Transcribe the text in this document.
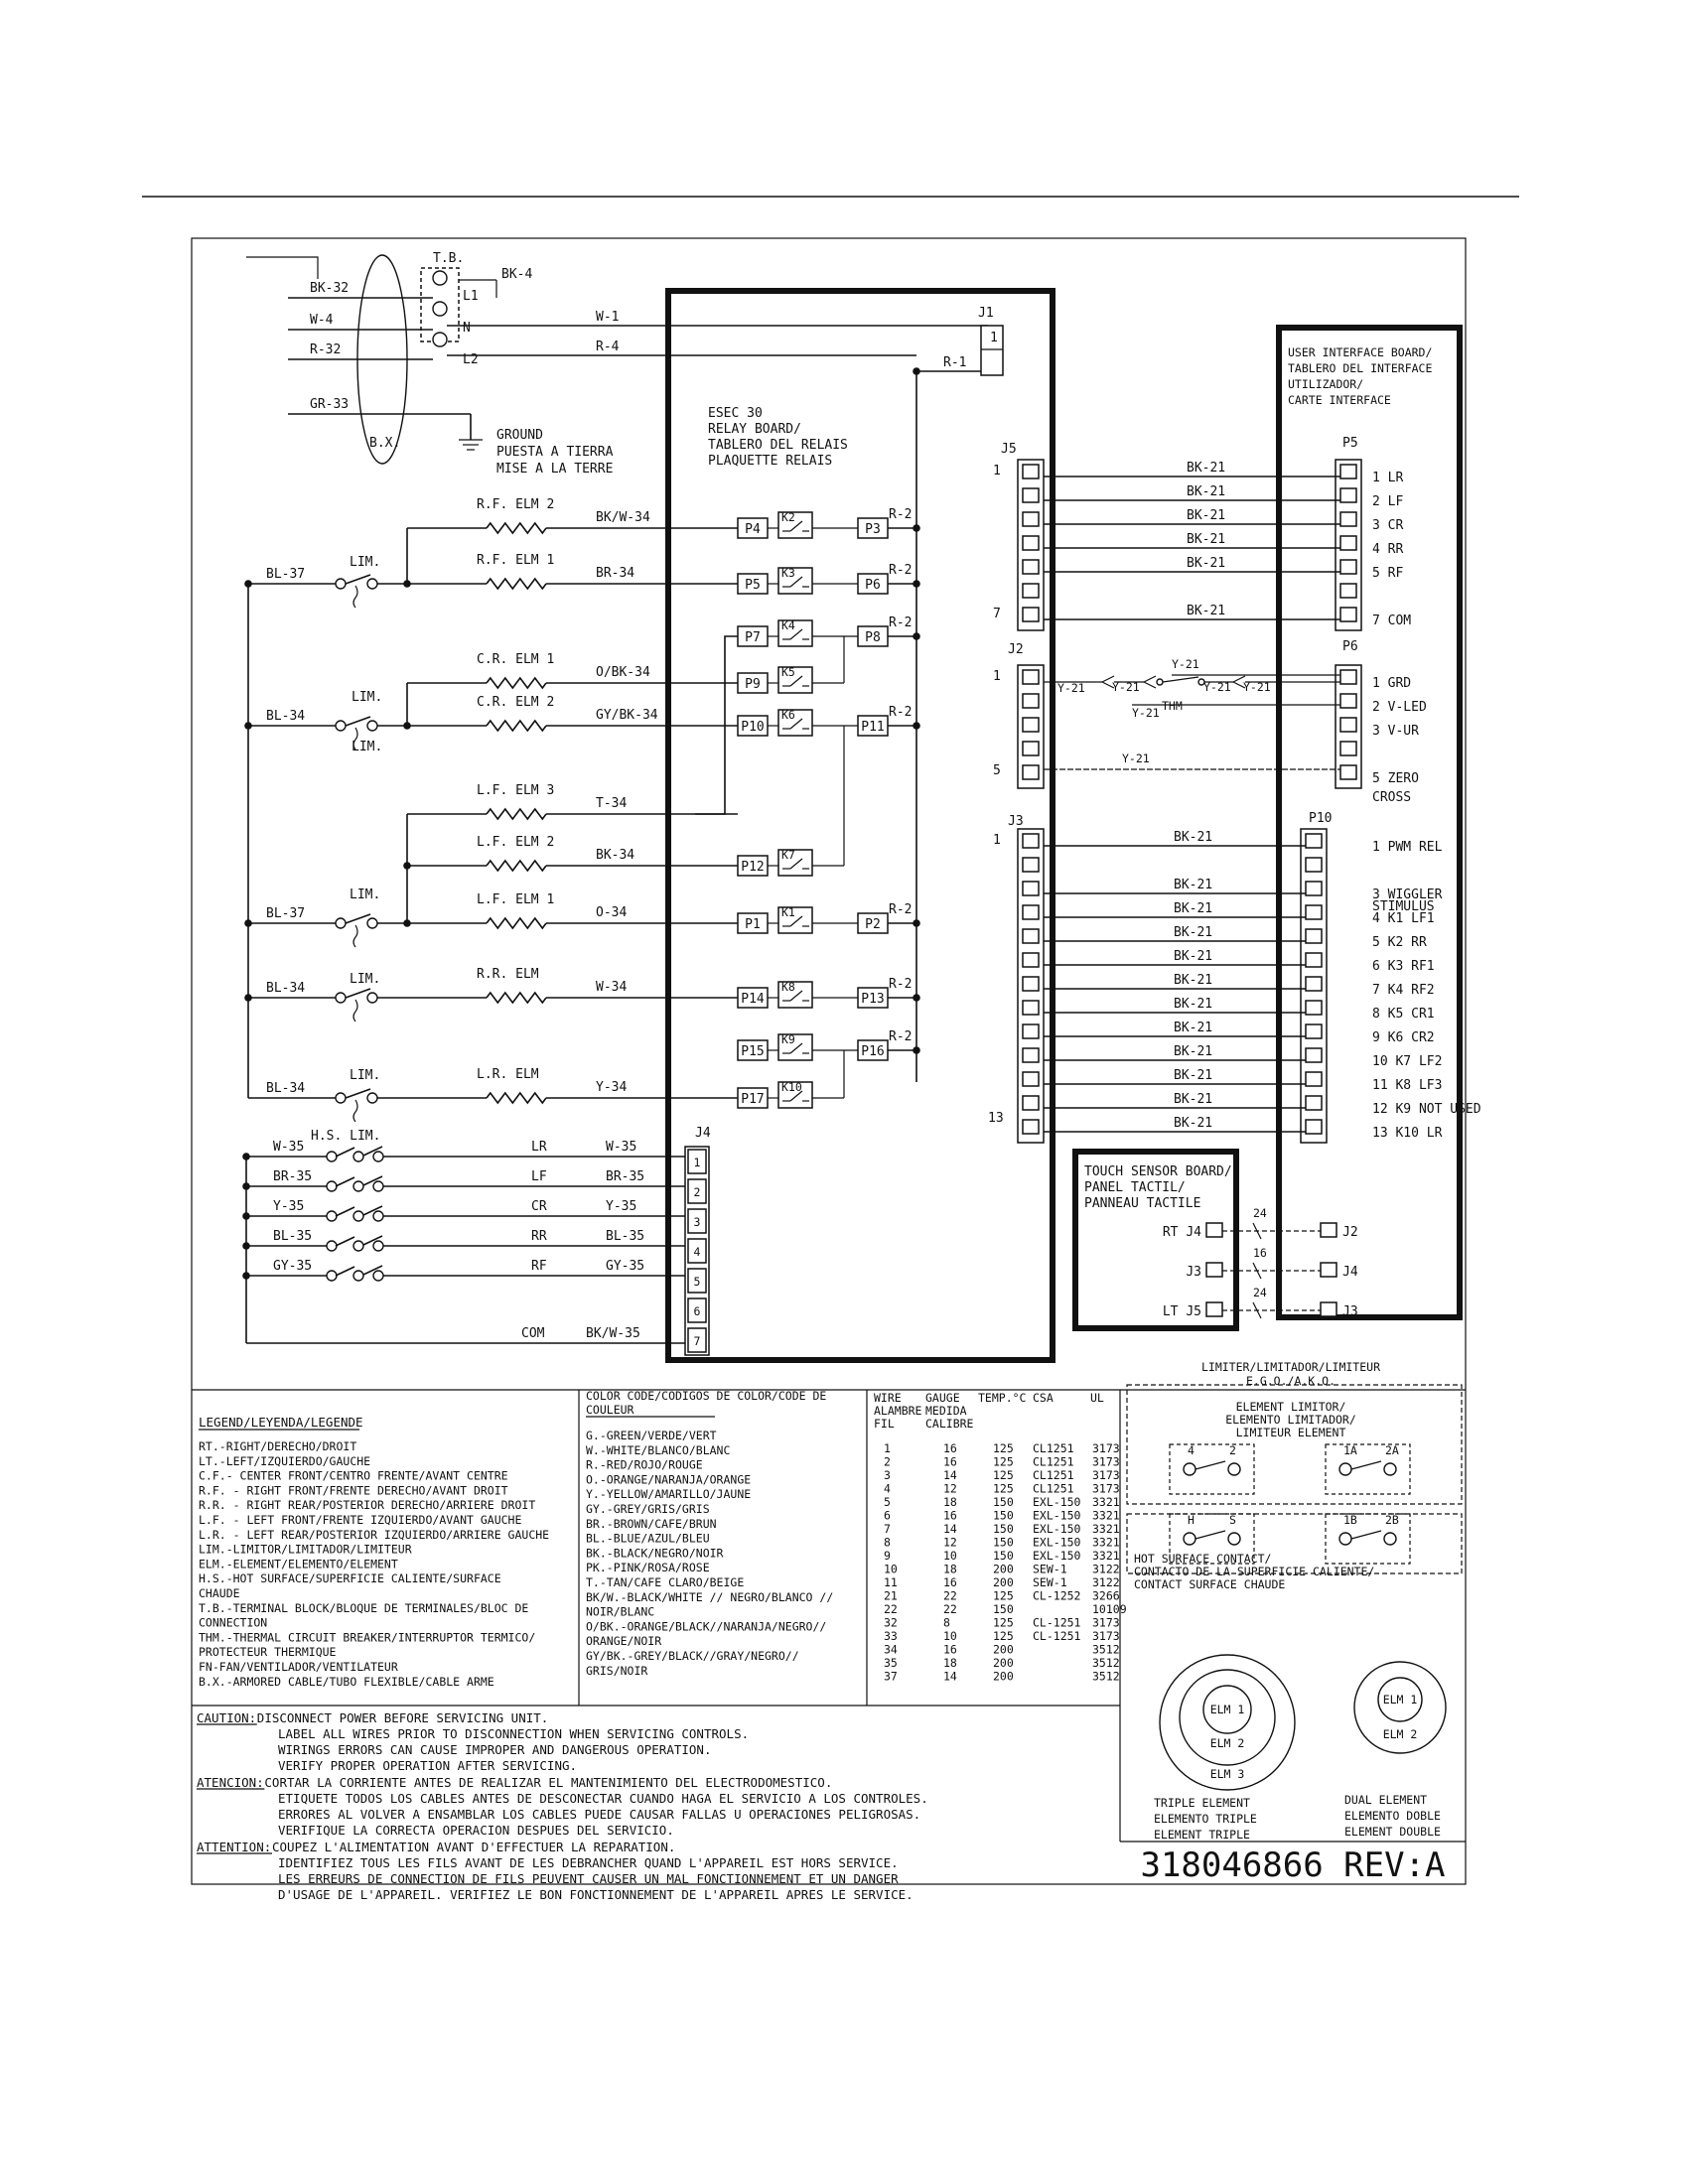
T.B.
BK-4
L1
N
L2
B.X.
BK-32
W-4
R-32
GR-33
GROUND
PUESTA A TIERRA
MISE A LA TERRE
W-1
R-4
R-1
J1
1
ESEC 30
RELAY BOARD/
TABLERO DEL RELAIS
PLAQUETTE RELAIS
P4
K2
P3
R-2
P5
K3
P6
R-2
P7
K4
P8
R-2
P9
K5
P10
K6
P11
R-2
P12
K7
P1
K1
P2
R-2
P14
K8
P13
R-2
P15
K9
P16
R-2
P17
K10
R.F. ELM 2
BK/W-34
R.F. ELM 1
BR-34
BL-37
LIM.
C.R. ELM 1
O/BK-34
C.R. ELM 2
GY/BK-34
BL-34
LIM.
LIM.
L.F. ELM 3
T-34
L.F. ELM 2
BK-34
L.F. ELM 1
O-34
BL-37
LIM.
R.R. ELM
W-34
BL-34
LIM.
L.R. ELM
Y-34
BL-34
LIM.
H.S. LIM.
W-35	LR	W-35
BR-35	LF	BR-35
Y-35	CR	Y-35
BL-35	RR	BL-35
GY-35	RF	GY-35
COM	BK/W-35
J4
1
2
3
4
5
6
7
J5
1
7
J2
1
5
J3
1
13
USER INTERFACE BOARD/
TABLERO DEL INTERFACE
UTILIZADOR/
CARTE INTERFACE
P5
1 LR
BK-21
2 LF
BK-21
3 CR
BK-21
4 RR
BK-21
5 RF
BK-21
7 COM
BK-21
P6
1 GRD
2 V-LED
3 V-UR
5 ZERO
CROSS
Y-21 Y-21
THM
Y-21 Y-21
Y-21
Y-21
Y-21
P10
1 PWM REL
BK-21
3 WIGGLER
BK-21
4 K1 LF1
BK-21
5 K2 RR
BK-21
6 K3 RF1
BK-21
7 K4 RF2
BK-21
8 K5 CR1
BK-21
9 K6 CR2
BK-21
10 K7 LF2
BK-21
11 K8 LF3
BK-21
12 K9 NOT USED
BK-21
13 K10 LR
BK-21
STIMULUS
TOUCH SENSOR BOARD/
PANEL TACTIL/
PANNEAU TACTILE
RT J4
24
J2
J3
16
J4
LT J5
24
J3
LEGEND/LEYENDA/LEGENDE
RT.-RIGHT/DERECHO/DROIT
LT.-LEFT/IZQUIERDO/GAUCHE
C.F.- CENTER FRONT/CENTRO FRENTE/AVANT CENTRE
R.F. - RIGHT FRONT/FRENTE DERECHO/AVANT DROIT
R.R. - RIGHT REAR/POSTERIOR DERECHO/ARRIERE DROIT
L.F. - LEFT FRONT/FRENTE IZQUIERDO/AVANT GAUCHE
L.R. - LEFT REAR/POSTERIOR IZQUIERDO/ARRIERE GAUCHE
LIM.-LIMITOR/LIMITADOR/LIMITEUR
ELM.-ELEMENT/ELEMENTO/ELEMENT
H.S.-HOT SURFACE/SUPERFICIE CALIENTE/SURFACE
CHAUDE
T.B.-TERMINAL BLOCK/BLOQUE DE TERMINALES/BLOC DE
CONNECTION
THM.-THERMAL CIRCUIT BREAKER/INTERRUPTOR TERMICO/
PROTECTEUR THERMIQUE
FN-FAN/VENTILADOR/VENTILATEUR
B.X.-ARMORED CABLE/TUBO FLEXIBLE/CABLE ARME
COLOR CODE/CODIGOS DE COLOR/CODE DE
COULEUR
G.-GREEN/VERDE/VERT
W.-WHITE/BLANCO/BLANC
R.-RED/ROJO/ROUGE
O.-ORANGE/NARANJA/ORANGE
Y.-YELLOW/AMARILLO/JAUNE
GY.-GREY/GRIS/GRIS
BR.-BROWN/CAFE/BRUN
BL.-BLUE/AZUL/BLEU
BK.-BLACK/NEGRO/NOIR
PK.-PINK/ROSA/ROSE
T.-TAN/CAFE CLARO/BEIGE
BK/W.-BLACK/WHITE // NEGRO/BLANCO //
NOIR/BLANC
O/BK.-ORANGE/BLACK//NARANJA/NEGRO//
ORANGE/NOIR
GY/BK.-GREY/BLACK//GRAY/NEGRO//
GRIS/NOIR
WIRE
ALAMBRE
FIL
GAUGE
MEDIDA
CALIBRE
TEMP.°C CSA	UL
1	16	125 CL1251 3173
2	16	125 CL1251 3173
3	14	125 CL1251 3173
4	12	125 CL1251 3173
5	18	150 EXL-150 3321
6	16	150 EXL-150 3321
7	14	150 EXL-150 3321
8	12	150 EXL-150 3321
9	10	150 EXL-150 3321
10	18	200 SEW-1 3122
11	16	200 SEW-1 3122
21	22	125 CL-1252 3266
22	22	150	10109
32	8	125 CL-1251 3173
33	10	125 CL-1251 3173
34	16	200	3512
35	18	200	3512
37	14	200	3512
LIMITER/LIMITADOR/LIMITEUR
E.G.O./A.K.O.
ELEMENT LIMITOR/
ELEMENTO LIMITADOR/
LIMITEUR ELEMENT
4	2	1A 2A
H	S	1B 2B
HOT SURFACE CONTACT/
CONTACTO DE LA SUPERFICIE CALIENTE/
CONTACT SURFACE CHAUDE
ELM 1
ELM 2
ELM 3
TRIPLE ELEMENT
ELEMENTO TRIPLE
ELEMENT TRIPLE
ELM 1
ELM 2
DUAL ELEMENT
ELEMENTO DOBLE
ELEMENT DOUBLE
CAUTION: DISCONNECT POWER BEFORE SERVICING UNIT.
LABEL ALL WIRES PRIOR TO DISCONNECTION WHEN SERVICING CONTROLS.
WIRINGS ERRORS CAN CAUSE IMPROPER AND DANGEROUS OPERATION.
VERIFY PROPER OPERATION AFTER SERVICING.
ATENCION: CORTAR LA CORRIENTE ANTES DE REALIZAR EL MANTENIMIENTO DEL ELECTRODOMESTICO.
ETIQUETE TODOS LOS CABLES ANTES DE DESCONECTAR CUANDO HAGA EL SERVICIO A LOS CONTROLES.
ERRORES AL VOLVER A ENSAMBLAR LOS CABLES PUEDE CAUSAR FALLAS U OPERACIONES PELIGROSAS.
VERIFIQUE LA CORRECTA OPERACION DESPUES DEL SERVICIO.
ATTENTION: COUPEZ L'ALIMENTATION AVANT D'EFFECTUER LA REPARATION.
IDENTIFIEZ TOUS LES FILS AVANT DE LES DEBRANCHER QUAND L'APPAREIL EST HORS SERVICE.
LES ERREURS DE CONNECTION DE FILS PEUVENT CAUSER UN MAL FONCTIONNEMENT ET UN DANGER
D'USAGE DE L'APPAREIL. VERIFIEZ LE BON FONCTIONNEMENT DE L'APPAREIL APRES LE SERVICE.
318046866 REV:A
